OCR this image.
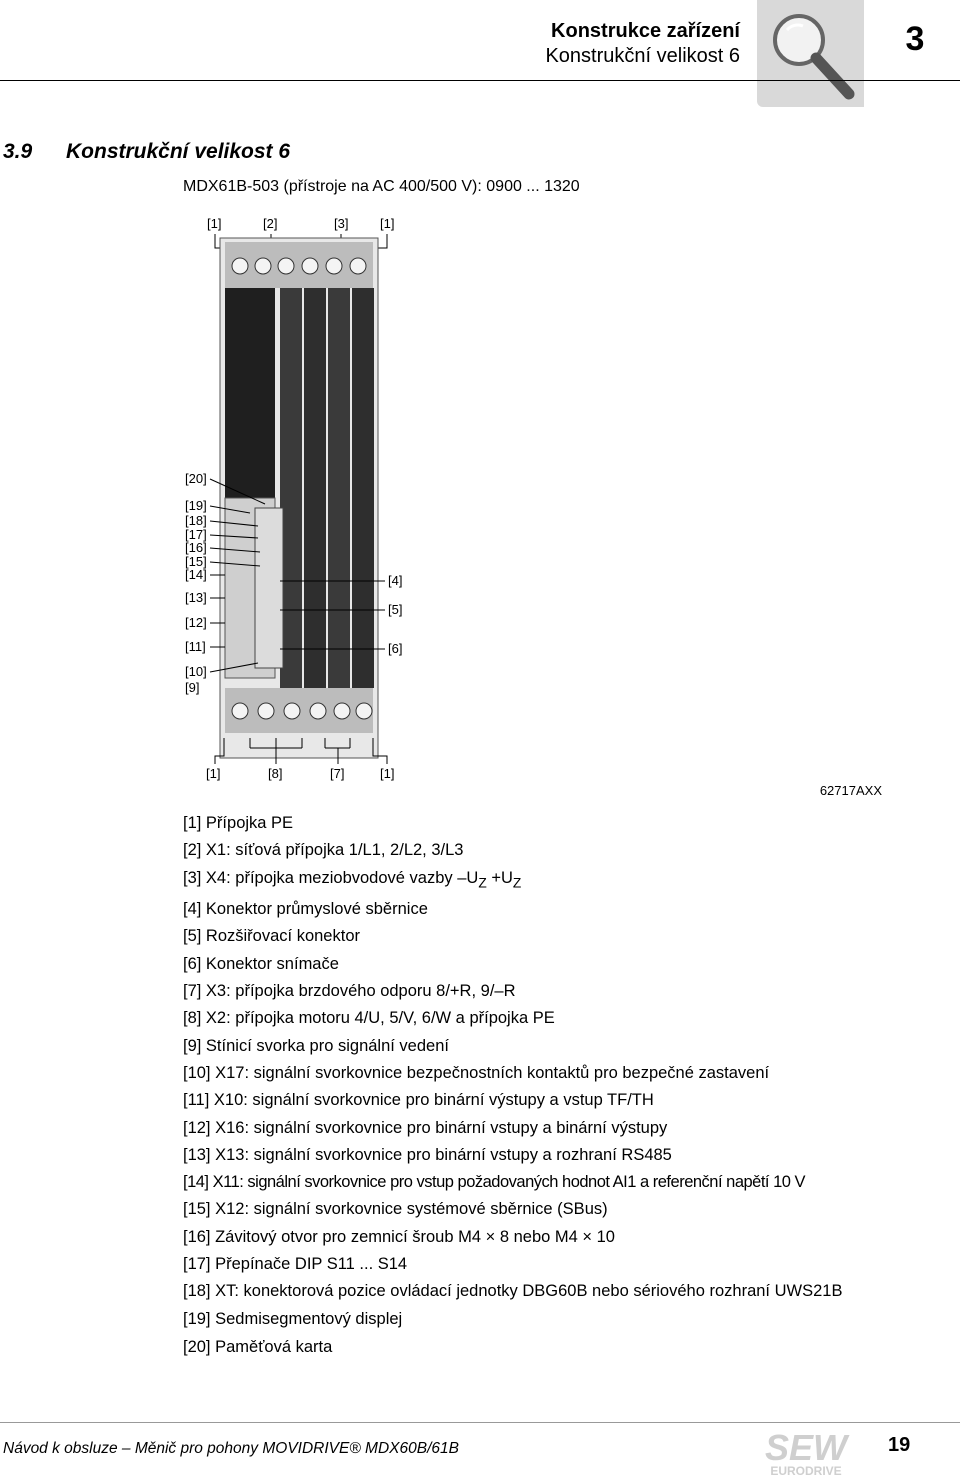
Konstrukce zařízení
Konstrukční velikost 6	3
3.9 Konstrukční velikost 6
MDX61B-503 (přístroje na AC 400/500 V): 0900 ... 1320
[1]	[2]	[3] [1]
[20]
[19]
[18]
[17]
[16]
[15]
[14]
[13]
[12]
[11]
[10]
[9]
[4]
[5]
[6]
[1]	[8]	[7]	[1]
62717AXX
[1] Přípojka PE
[2] X1: síťová přípojka 1/L1, 2/L2, 3/L3
[3] X4: přípojka meziobvodové vazby $-U_Z +U_Z$
[4] Konektor průmyslové sběrnice
[5] Rozšiřovací konektor
[6] Konektor snímače
[7] X3: přípojka brzdového odporu 8/+R, 9/–R
[8] X2: přípojka motoru 4/U, 5/V, 6/W a přípojka PE
[9] Stínicí svorka pro signální vedení
[10] X17: signální svorkovnice bezpečnostních kontaktů pro bezpečné zastavení
[11] X10: signální svorkovnice pro binární výstupy a vstup TF/TH
[12] X16: signální svorkovnice pro binární vstupy a binární výstupy
[13] X13: signální svorkovnice pro binární vstupy a rozhraní RS485
[14] X11: signální svorkovnice pro vstup požadovaných hodnot AI1 a referenční napětí 10 V
[15] X12: signální svorkovnice systémové sběrnice (SBus)
[16] Závitový otvor pro zemnicí šroub M4 × 8 nebo M4 × 10
[17] Přepínače DIP S11 ... S14
[18] XT: konektorová pozice ovládací jednotky DBG60B nebo sériového rozhraní UWS21B
[19] Sedmisegmentový displej
[20] Paměťová karta
Návod k obsluze – Měnič pro pohony MOVIDRIVE® MDX60B/61B	SEW
EURODRIVE
19
